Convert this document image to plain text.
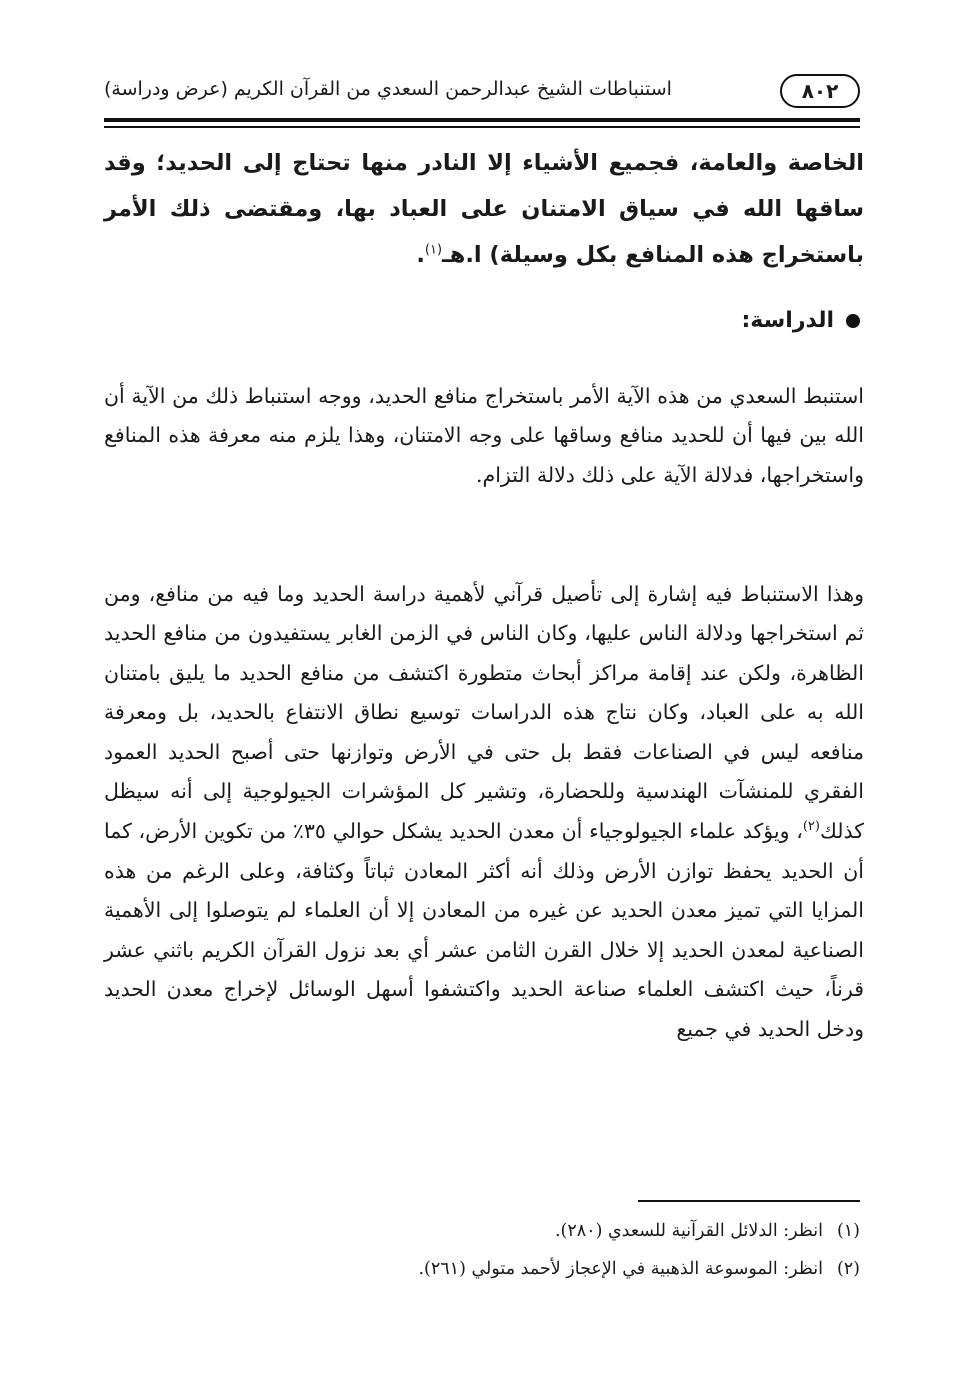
٨٠٢
استنباطات الشيخ عبدالرحمن السعدي من القرآن الكريم (عرض ودراسة)
الخاصة والعامة، فجميع الأشياء إلا النادر منها تحتاج إلى الحديد؛ وقد ساقها الله في سياق الامتنان على العباد بها، ومقتضى ذلك الأمر باستخراج هذه المنافع بكل وسيلة) ا.هـ$^{(١)}$.
الدراسة:

استنبط السعدي من هذه الآية الأمر باستخراج منافع الحديد، ووجه استنباط ذلك من الآية أن الله بين فيها أن للحديد منافع وساقها على وجه الامتنان، وهذا يلزم منه معرفة هذه المنافع واستخراجها، فدلالة الآية على ذلك دلالة التزام.

وهذا الاستنباط فيه إشارة إلى تأصيل قرآني لأهمية دراسة الحديد وما فيه من منافع، ومن ثم استخراجها ودلالة الناس عليها، وكان الناس في الزمن الغابر يستفيدون من منافع الحديد الظاهرة، ولكن عند إقامة مراكز أبحاث متطورة اكتشف من منافع الحديد ما يليق بامتنان الله به على العباد، وكان نتاج هذه الدراسات توسيع نطاق الانتفاع بالحديد، بل ومعرفة منافعه ليس في الصناعات فقط بل حتى في الأرض وتوازنها حتى أصبح الحديد العمود الفقري للمنشآت الهندسية وللحضارة، وتشير كل المؤشرات الجيولوجية إلى أنه سيظل كذلك$^{(٢)}$، ويؤكد علماء الجيولوجياء أن معدن الحديد يشكل حوالي ٣٥٪ من تكوين الأرض، كما أن الحديد يحفظ توازن الأرض وذلك أنه أكثر المعادن ثباتاً وكثافة، وعلى الرغم من هذه المزايا التي تميز معدن الحديد عن غيره من المعادن إلا أن العلماء لم يتوصلوا إلى الأهمية الصناعية لمعدن الحديد إلا خلال القرن الثامن عشر أي بعد نزول القرآن الكريم باثني عشر قرناً، حيث اكتشف العلماء صناعة الحديد واكتشفوا أسهل الوسائل لإخراج معدن الحديد ودخل الحديد في جميع

(١)انظر: الدلائل القرآنية للسعدي (٢٨٠).
(٢)انظر: الموسوعة الذهبية في الإعجاز لأحمد متولي (٢٦١).
